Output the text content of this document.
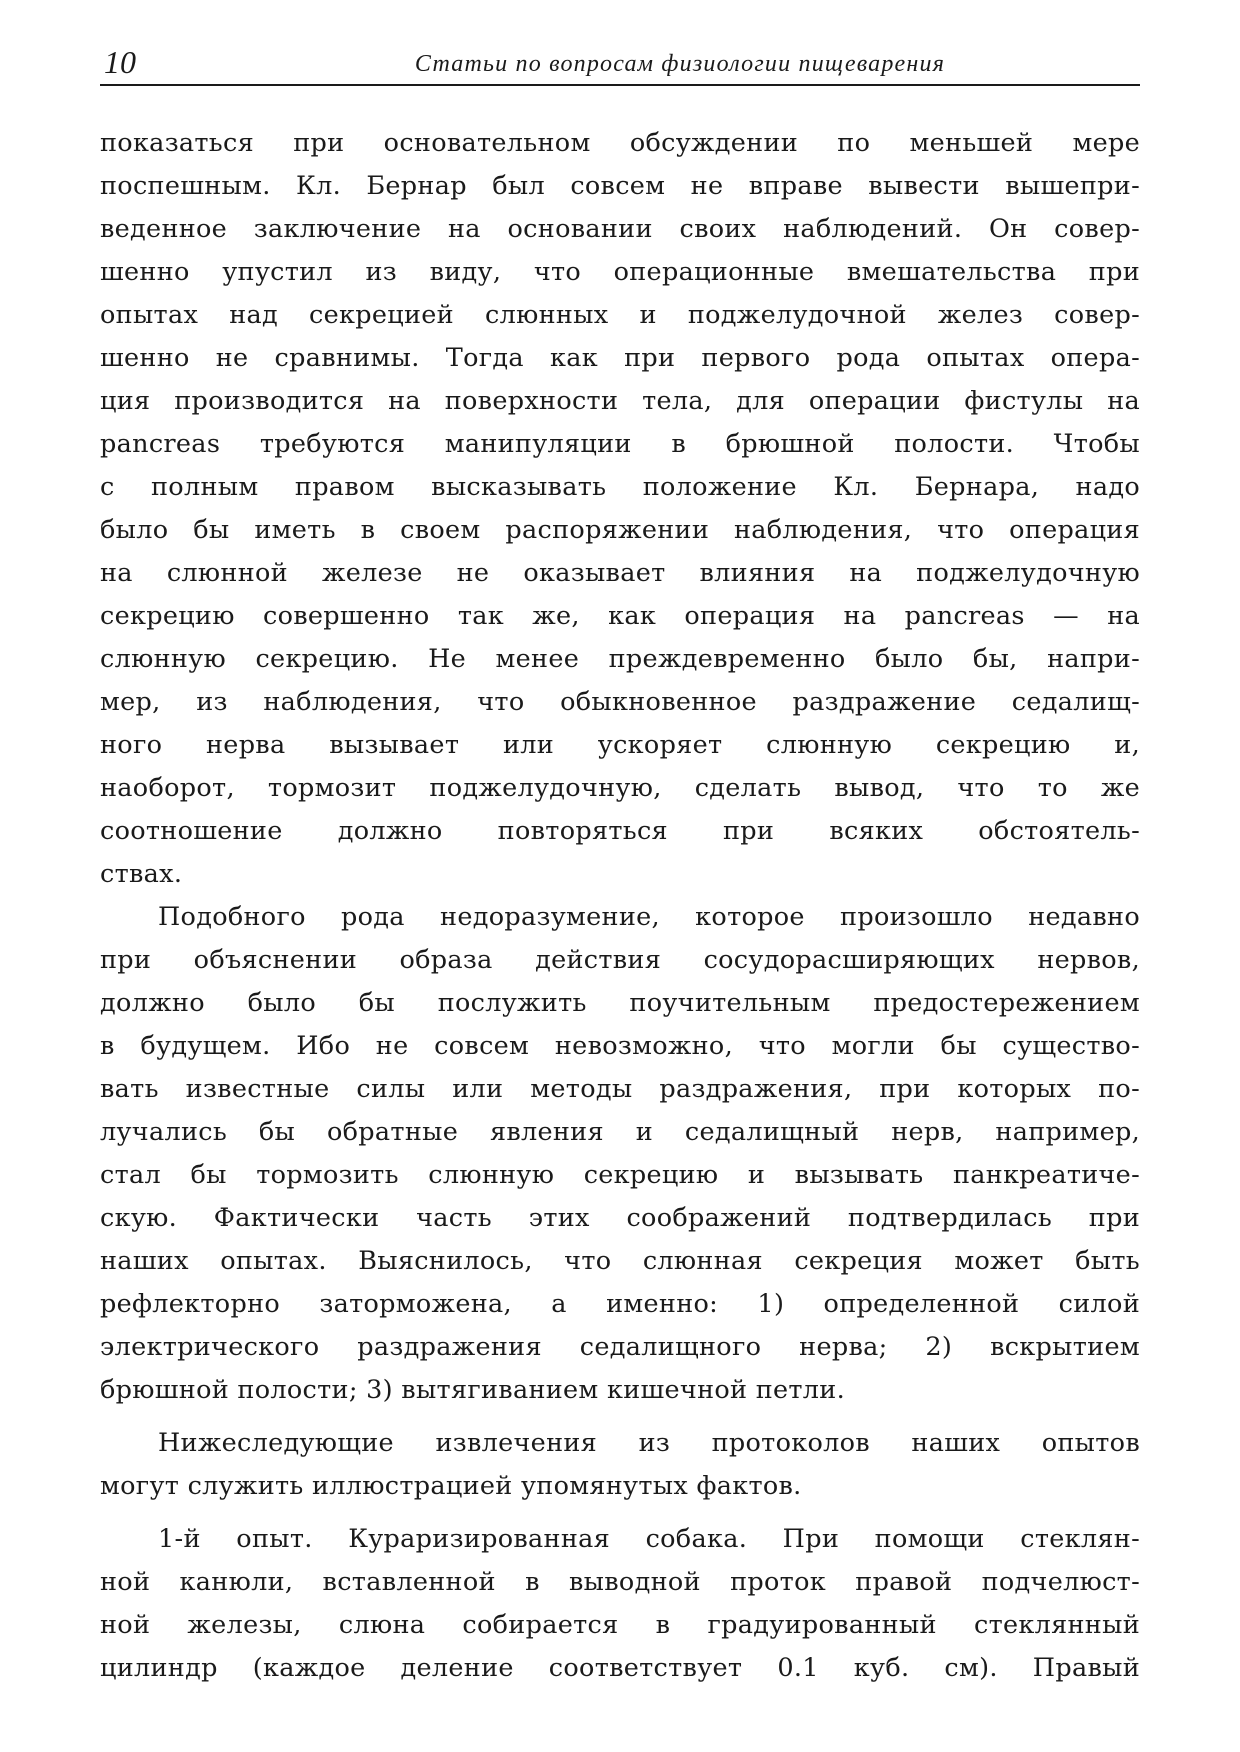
10	Статьи по вопросам физиологии пищеварения
показаться при основательном обсуждении по меньшей мере
поспешным. Кл. Бернар был совсем не вправе вывести вышепри-
веденное заключение на основании своих наблюдений. Он совер-
шенно упустил из виду, что операционные вмешательства при
опытах над секрецией слюнных и поджелудочной желез совер-
шенно не сравнимы. Тогда как при первого рода опытах опера-
ция производится на поверхности тела, для операции фистулы на
pancreas требуются манипуляции в брюшной полости. Чтобы
с полным правом высказывать положение Кл. Бернара, надо
было бы иметь в своем распоряжении наблюдения, что операция
на слюнной железе не оказывает влияния на поджелудочную
секрецию совершенно так же, как операция на pancreas — на
слюнную секрецию. Не менее преждевременно было бы, напри-
мер, из наблюдения, что обыкновенное раздражение седалищ-
ного нерва вызывает или ускоряет слюнную секрецию и,
наоборот, тормозит поджелудочную, сделать вывод, что то же
соотношение должно повторяться при всяких обстоятель-
ствах.
Подобного рода недоразумение, которое произошло недавно
при объяснении образа действия сосудорасширяющих нервов,
должно было бы послужить поучительным предостережением
в будущем. Ибо не совсем невозможно, что могли бы существо-
вать известные силы или методы раздражения, при которых по-
лучались бы обратные явления и седалищный нерв, например,
стал бы тормозить слюнную секрецию и вызывать панкреатиче-
скую. Фактически часть этих соображений подтвердилась при
наших опытах. Выяснилось, что слюнная секреция может быть
рефлекторно заторможена, а именно: 1) определенной силой
электрического раздражения седалищного нерва; 2) вскрытием
брюшной полости; 3) вытягиванием кишечной петли.
Нижеследующие извлечения из протоколов наших опытов
могут служить иллюстрацией упомянутых фактов.
1-й опыт. Кураризированная собака. При помощи стеклян-
ной канюли, вставленной в выводной проток правой подчелюст-
ной железы, слюна собирается в градуированный стеклянный
цилиндр (каждое деление соответствует 0.1 куб. см). Правый
